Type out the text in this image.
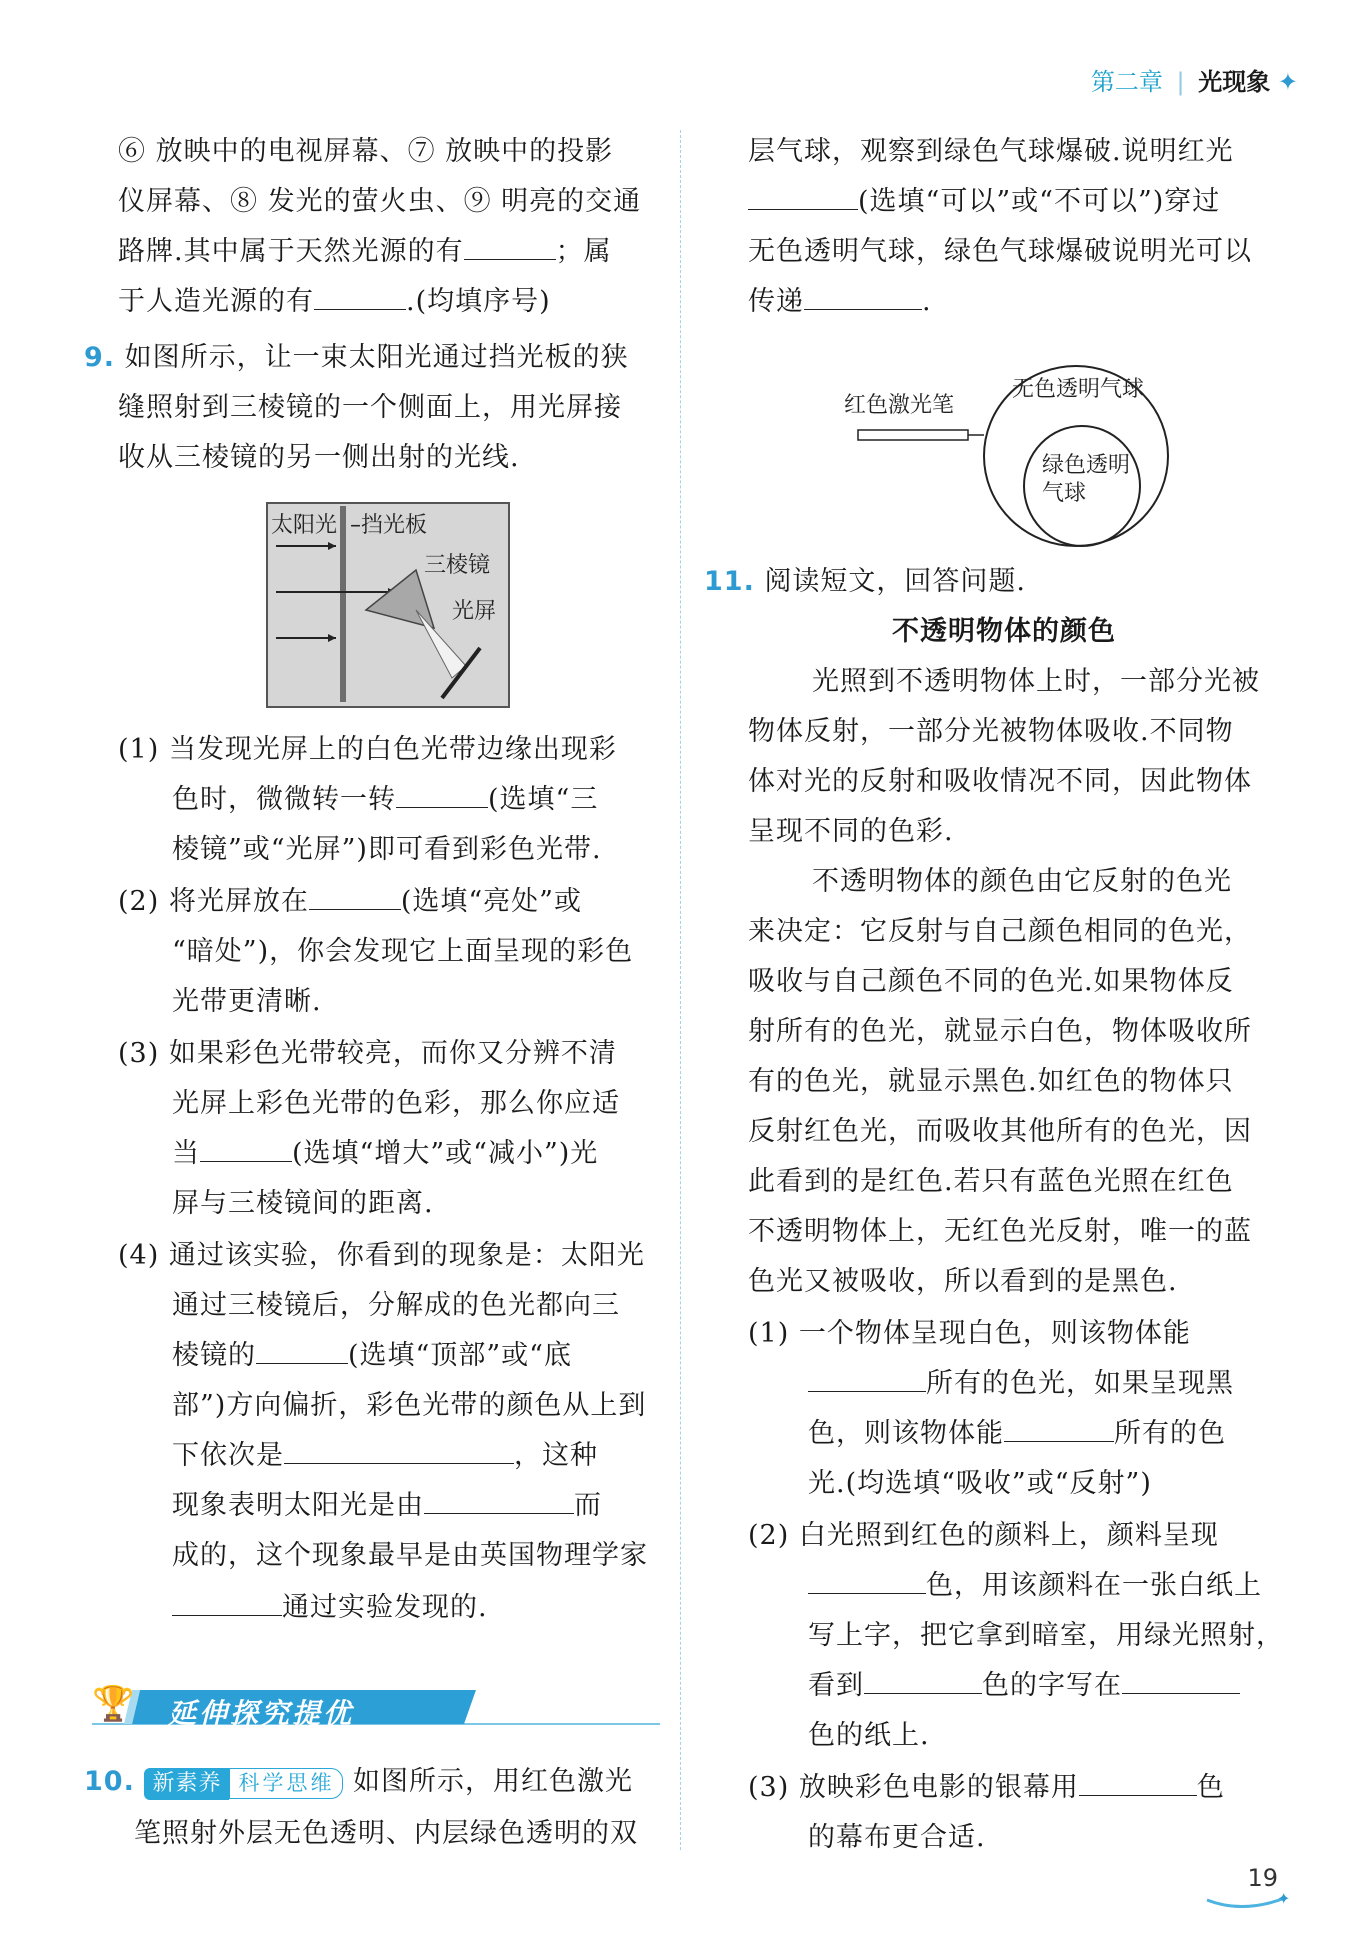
第二章 | 光现象 ✦
⑥ 放映中的电视屏幕、⑦ 放映中的投影
仪屏幕、⑧ 发光的萤火虫、⑨ 明亮的交通
路牌.其中属于天然光源的有	；属
于人造光源的有	.(均填序号)
9. 如图所示，让一束太阳光通过挡光板的狭
缝照射到三棱镜的一个侧面上，用光屏接
收从三棱镜的另一侧出射的光线.
太阳光 –挡光板
三棱镜
光屏
(1) 当发现光屏上的白色光带边缘出现彩
色时，微微转一转	(选填“三
棱镜”或“光屏”)即可看到彩色光带.
(2) 将光屏放在	(选填“亮处”或
“暗处”)，你会发现它上面呈现的彩色
光带更清晰.
(3) 如果彩色光带较亮，而你又分辨不清
光屏上彩色光带的色彩，那么你应适
当	(选填“增大”或“减小”)光
屏与三棱镜间的距离.
(4) 通过该实验，你看到的现象是：太阳光
通过三棱镜后，分解成的色光都向三
棱镜的	(选填“顶部”或“底
部”)方向偏折，彩色光带的颜色从上到
下依次是	，这种
现象表明太阳光是由	而
成的，这个现象最早是由英国物理学家
通过实验发现的.
🏆 延伸探究提优
10. 新素养 科学思维 如图所示，用红色激光
笔照射外层无色透明、内层绿色透明的双
层气球，观察到绿色气球爆破.说明红光
(选填“可以”或“不可以”)穿过
无色透明气球，绿色气球爆破说明光可以
传递	.
红色激光笔
无色透明气球
绿色透明
气球
11. 阅读短文，回答问题.
不透明物体的颜色
光照到不透明物体上时，一部分光被
物体反射，一部分光被物体吸收.不同物
体对光的反射和吸收情况不同，因此物体
呈现不同的色彩.
不透明物体的颜色由它反射的色光
来决定：它反射与自己颜色相同的色光，
吸收与自己颜色不同的色光.如果物体反
射所有的色光，就显示白色，物体吸收所
有的色光，就显示黑色.如红色的物体只
反射红色光，而吸收其他所有的色光，因
此看到的是红色.若只有蓝色光照在红色
不透明物体上，无红色光反射，唯一的蓝
色光又被吸收，所以看到的是黑色.
(1) 一个物体呈现白色，则该物体能
所有的色光，如果呈现黑
色，则该物体能	所有的色
光.(均选填“吸收”或“反射”)
(2) 白光照到红色的颜料上，颜料呈现
色，用该颜料在一张白纸上
写上字，把它拿到暗室，用绿光照射，
看到	色的字写在
色的纸上.
(3) 放映彩色电影的银幕用	色
的幕布更合适.
✦
19
